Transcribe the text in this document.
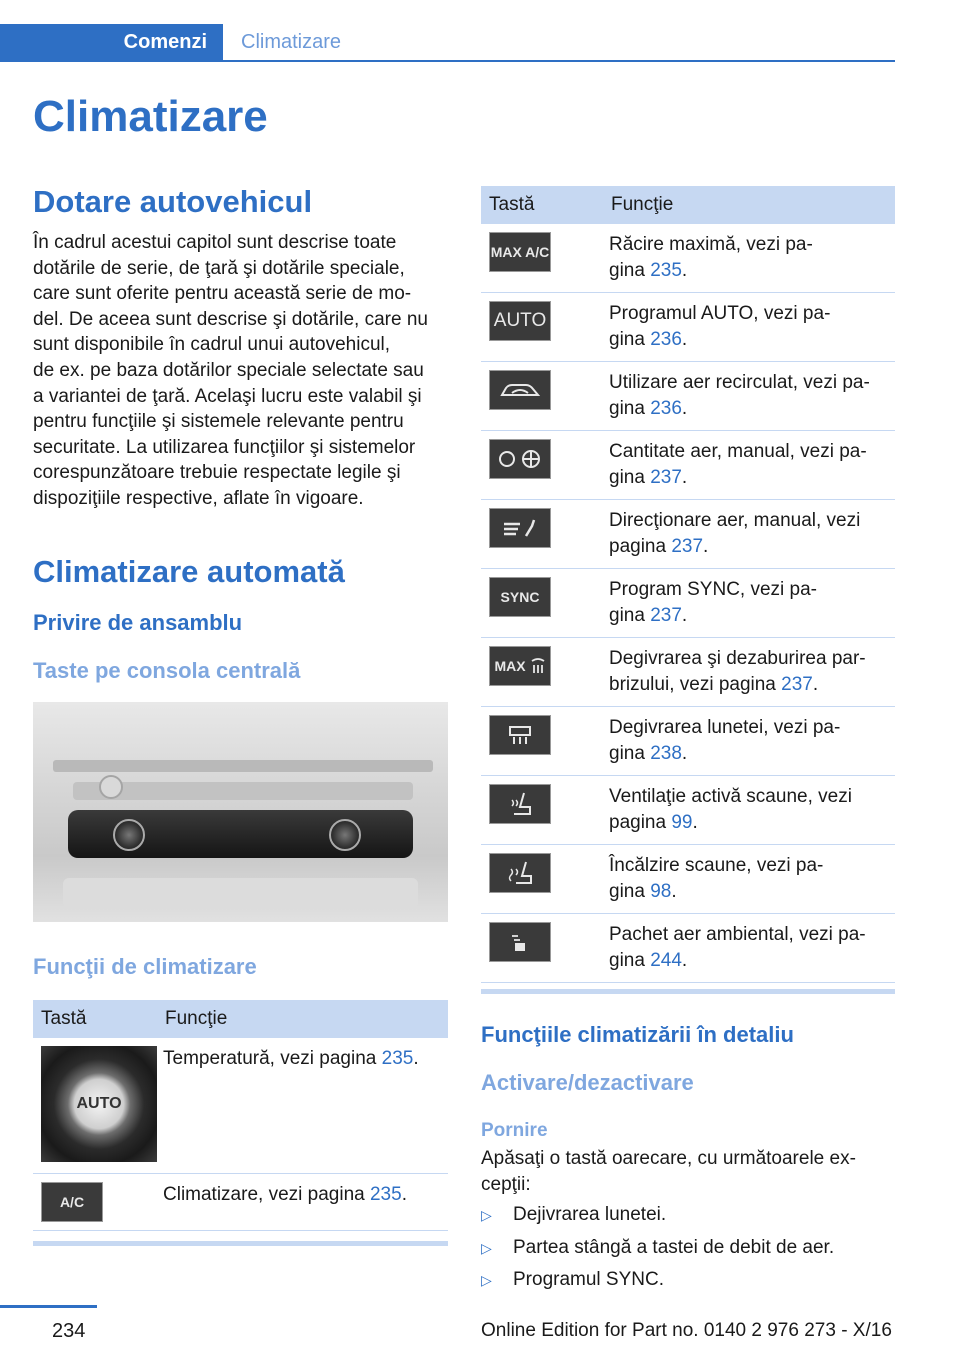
Comenzi	Climatizare
Climatizare
Dotare autovehicul
În cadrul acestui capitol sunt descrise toate
dotările de serie, de ţară şi dotările speciale,
care sunt oferite pentru această serie de mo‐
del. De aceea sunt descrise şi dotările, care nu
sunt disponibile în cadrul unui autovehicul,
de ex. pe baza dotărilor speciale selectate sau
a variantei de ţară. Acelaşi lucru este valabil şi
pentru funcţiile şi sistemele relevante pentru
securitate. La utilizarea funcţiilor şi sistemelor
corespunzătoare trebuie respectate legile şi
dispoziţiile respective, aflate în vigoare.
Climatizare automată
Privire de ansamblu
Taste pe consola centrală
Funcţii de climatizare
Tastă	Funcţie

AUTO	Temperatură, vezi pagina 235.

A/C	Climatizare, vezi pagina 235.
Tastă	Funcţie

MAX A/C	Răcire maximă, vezi pa‐
gina 235.

AUTO	Programul AUTO, vezi pa‐
gina 236.

Utilizare aer recirculat, vezi pa‐
gina 236.

Cantitate aer, manual, vezi pa‐
gina 237.

Direcţionare aer, manual, vezi
pagina 237.

SYNC	Program SYNC, vezi pa‐
gina 237.

MAX	Degivrarea şi dezaburirea par‐
brizului, vezi pagina 237.

Degivrarea lunetei, vezi pa‐
gina 238.

Ventilaţie activă scaune, vezi
pagina 99.

Încălzire scaune, vezi pa‐
gina 98.

Pachet aer ambiental, vezi pa‐
gina 244.
Funcţiile climatizării în detaliu
Activare/dezactivare
Pornire
Apăsaţi o tastă oarecare, cu următoarele ex‐
cepţii:
▷ Dejivrarea lunetei.
▷ Partea stângă a tastei de debit de aer.
▷ Programul SYNC.
234	Online Edition for Part no. 0140 2 976 273 - X/16
